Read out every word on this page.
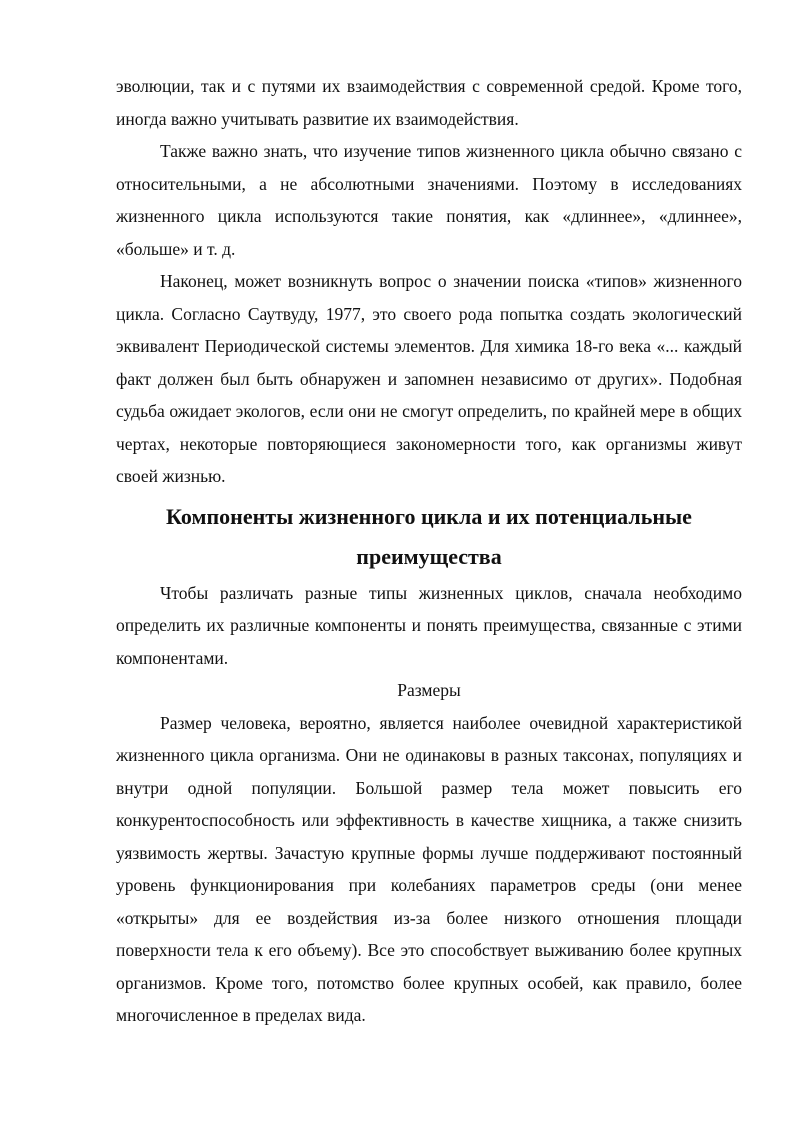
эволюции, так и с путями их взаимодействия с современной средой. Кроме того, иногда важно учитывать развитие их взаимодействия.

Также важно знать, что изучение типов жизненного цикла обычно связано с относительными, а не абсолютными значениями. Поэтому в исследованиях жизненного цикла используются такие понятия, как «длиннее», «длиннее», «больше» и т. д.

Наконец, может возникнуть вопрос о значении поиска «типов» жизненного цикла. Согласно Саутвуду, 1977, это своего рода попытка создать экологический эквивалент Периодической системы элементов. Для химика 18-го века «... каждый факт должен был быть обнаружен и запомнен независимо от других». Подобная судьба ожидает экологов, если они не смогут определить, по крайней мере в общих чертах, некоторые повторяющиеся закономерности того, как организмы живут своей жизнью.

Компоненты жизненного цикла и их потенциальные преимущества

Чтобы различать разные типы жизненных циклов, сначала необходимо определить их различные компоненты и понять преимущества, связанные с этими компонентами.

Размеры

Размер человека, вероятно, является наиболее очевидной характеристикой жизненного цикла организма. Они не одинаковы в разных таксонах, популяциях и внутри одной популяции. Большой размер тела может повысить его конкурентоспособность или эффективность в качестве хищника, а также снизить уязвимость жертвы. Зачастую крупные формы лучше поддерживают постоянный уровень функционирования при колебаниях параметров среды (они менее «открыты» для ее воздействия из-за более низкого отношения площади поверхности тела к его объему). Все это способствует выживанию более крупных организмов. Кроме того, потомство более крупных особей, как правило, более многочисленное в пределах вида.
